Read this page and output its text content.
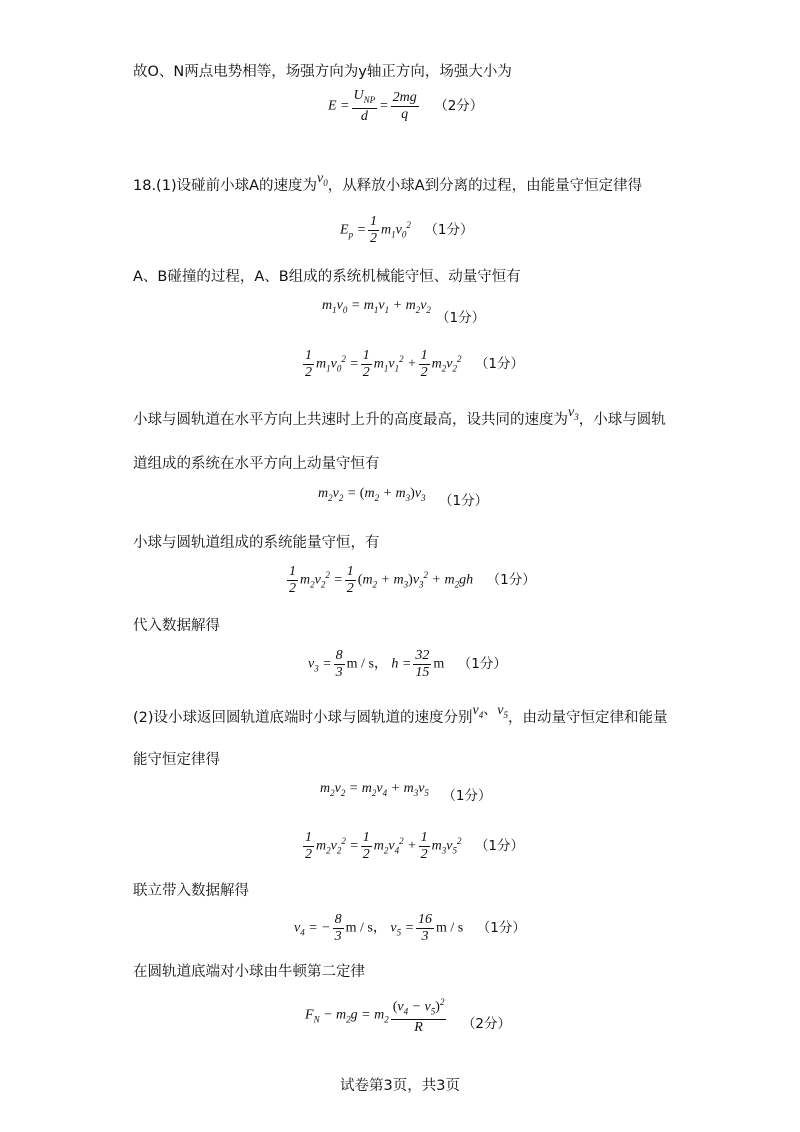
故O、N两点电势相等，场强方向为y轴正方向，场强大小为
$E = \frac{U_{NP}}{d} = \frac{2mg}{q} (2$分）
18.(1)设碰前小球A的速度为$v_0$，从释放小球A到分离的过程，由能量守恒定律得
$E_p = \frac{1}{2} m_1v_0^2$ （1分）
A、B碰撞的过程，A、B组成的系统机械能守恒、动量守恒有
$m_1v_0 = m_1v_1 + m_2v_2$
（1分）
$\frac{1}{2} m_1v_0^2 = \frac{1}{2} m_1v_1^2 + \frac{1}{2} m_2v_2^2$ （1分）
小球与圆轨道在水平方向上共速时上升的高度最高，设共同的速度为$v_3$，小球与圆轨
道组成的系统在水平方向上动量守恒有
$m_2v_2 = (m_2 + m_3)v_3$ （1分）
小球与圆轨道组成的系统能量守恒，有
$\frac{1}{2} m_2v_2^2 = \frac{1}{2} (m_2 + m_3)v_3^2 + m_2gh$ （1分）
代入数据解得
$v_3 = \frac{8}{3}$ m / s， $h = \frac{32}{15}$ m （1分）
(2)设小球返回圆轨道底端时小球与圆轨道的速度分别$v_4$、$v_5$，由动量守恒定律和能量
能守恒定律得
$m_2v_2 = m_2v_4 + m_3v_5$ （1分）
$\frac{1}{2} m_2v_2^2 = \frac{1}{2} m_2v_4^2 + \frac{1}{2} m_3v_5^2$ （1分）
联立带入数据解得
$v_4$ = − $\frac{8}{3}$ m / s， $v_5 = \frac{16}{3}$ m / s （1分）
在圆轨道底端对小球由牛顿第二定律
$F_N - m_2g = m_2 \frac{(v_4 - v_5)^2}{R} (2$分）
试卷第3页，共3页
